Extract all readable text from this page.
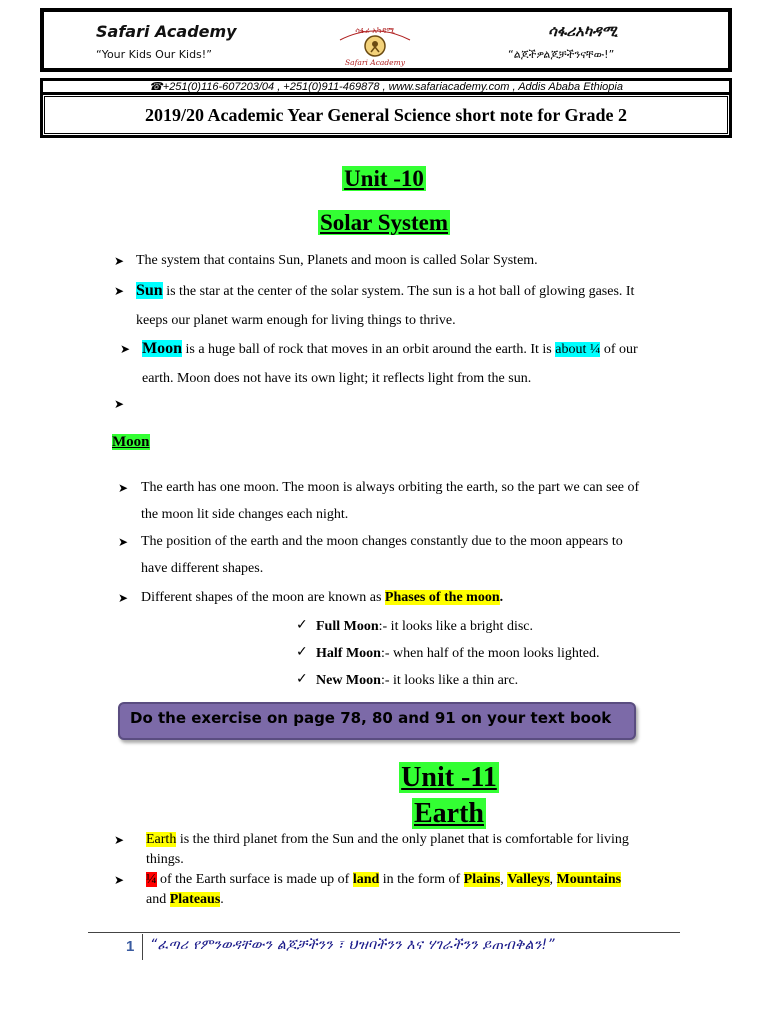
Safari Academy
“Your Kids Our Kids!”
ሳፋሪ አካዳሚ
Safari Academy
ሳፋሪአካዳሚ
“ልጆችዎልጆቻችንናቸው!”
☎+251(0)116-607203/04 , +251(0)911-469878 , www.safariacademy.com , Addis Ababa Ethiopia
2019/20 Academic Year General Science short note for Grade 2
Unit -10
Solar System
➤ The system that contains Sun, Planets and moon is called Solar System.
➤ Sun is the star at the center of the solar system. The sun is a hot ball of glowing gases. It
keeps our planet warm enough for living things to thrive.
➤ Moon is a huge ball of rock that moves in an orbit around the earth. It is about ¼ of our
earth. Moon does not have its own light; it reflects light from the sun.
➤
Moon
➤ The earth has one moon. The moon is always orbiting the earth, so the part we can see of
the moon lit side changes each night.
➤ The position of the earth and the moon changes constantly due to the moon appears to
have different shapes.
➤ Different shapes of the moon are known as Phases of the moon.
✓ Full Moon:- it looks like a bright disc.
✓ Half Moon:- when half of the moon looks lighted.
✓ New Moon:- it looks like a thin arc.
Do the exercise on page 78, 80 and 91 on your text book
Unit -11
Earth
➤ Earth is the third planet from the Sun and the only planet that is comfortable for living
things.
➤ ¼ of the Earth surface is made up of land in the form of Plains, Valleys, Mountains
and Plateaus.
1 “ፈጣሪ የምንወዳቸውን ልጆቻችንን ፣ ህዝባችንን እና ሃገራችንን ይጠብቅልን!”
